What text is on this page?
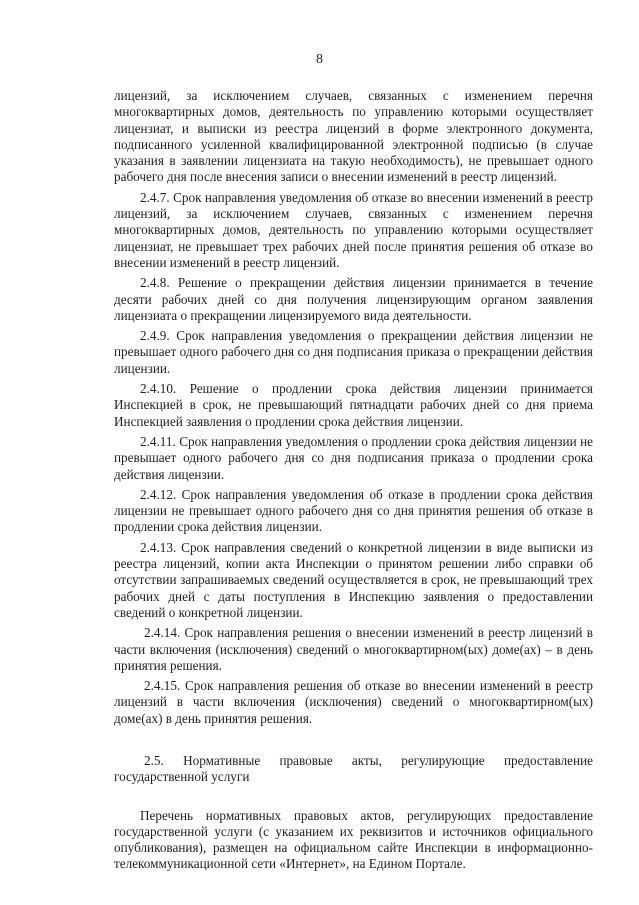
8

лицензий, за исключением случаев, связанных с изменением перечня многоквартирных домов, деятельность по управлению которыми осуществляет лицензиат, и выписки из реестра лицензий в форме электронного документа, подписанного усиленной квалифицированной электронной подписью (в случае указания в заявлении лицензиата на такую необходимость), не превышает одного рабочего дня после внесения записи о внесении изменений в реестр лицензий.

2.4.7. Срок направления уведомления об отказе во внесении изменений в реестр лицензий, за исключением случаев, связанных с изменением перечня многоквартирных домов, деятельность по управлению которыми осуществляет лицензиат, не превышает трех рабочих дней после принятия решения об отказе во внесении изменений в реестр лицензий.

2.4.8. Решение о прекращении действия лицензии принимается в течение десяти рабочих дней со дня получения лицензирующим органом заявления лицензиата о прекращении лицензируемого вида деятельности.

2.4.9. Срок направления уведомления о прекращении действия лицензии не превышает одного рабочего дня со дня подписания приказа о прекращении действия лицензии.

2.4.10. Решение о продлении срока действия лицензии принимается Инспекцией в срок, не превышающий пятнадцати рабочих дней со дня приема Инспекцией заявления о продлении срока действия лицензии.

2.4.11. Срок направления уведомления о продлении срока действия лицензии не превышает одного рабочего дня со дня подписания приказа о продлении срока действия лицензии.

2.4.12. Срок направления уведомления об отказе в продлении срока действия лицензии не превышает одного рабочего дня со дня принятия решения об отказе в продлении срока действия лицензии.

2.4.13. Срок направления сведений о конкретной лицензии в виде выписки из реестра лицензий, копии акта Инспекции о принятом решении либо справки об отсутствии запрашиваемых сведений осуществляется в срок, не превышающий трех рабочих дней с даты поступления в Инспекцию заявления о предоставлении сведений о конкретной лицензии.

2.4.14. Срок направления решения о внесении изменений в реестр лицензий в части включения (исключения) сведений о многоквартирном(ых) доме(ах) – в день принятия решения.

2.4.15. Срок направления решения об отказе во внесении изменений в реестр лицензий в части включения (исключения) сведений о многоквартирном(ых) доме(ах) в день принятия решения.

2.5. Нормативные правовые акты, регулирующие предоставление государственной услуги

Перечень нормативных правовых актов, регулирующих предоставление государственной услуги (с указанием их реквизитов и источников официального опубликования), размещен на официальном сайте Инспекции в информационно-телекоммуникационной сети «Интернет», на Едином Портале.
